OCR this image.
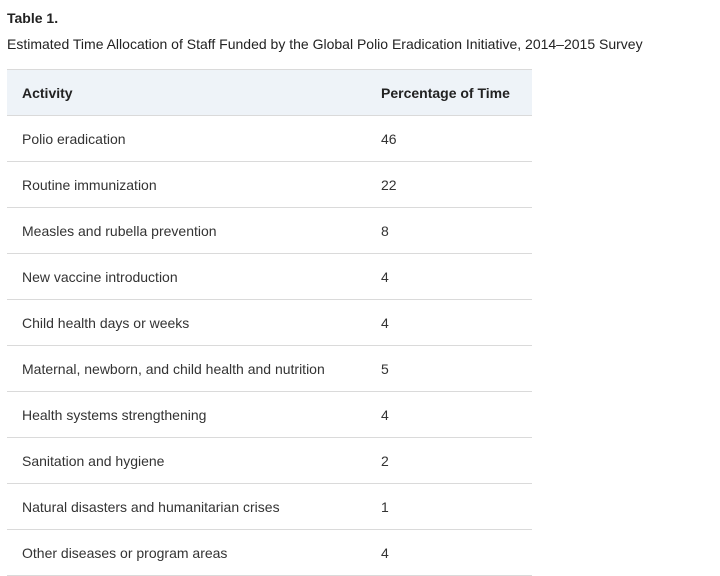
Table 1.
Estimated Time Allocation of Staff Funded by the Global Polio Eradication Initiative, 2014–2015 Survey
Activity	Percentage of Time
Polio eradication	46
Routine immunization	22
Measles and rubella prevention	8
New vaccine introduction	4
Child health days or weeks	4
Maternal, newborn, and child health and nutrition	5
Health systems strengthening	4
Sanitation and hygiene	2
Natural disasters and humanitarian crises	1
Other diseases or program areas	4
